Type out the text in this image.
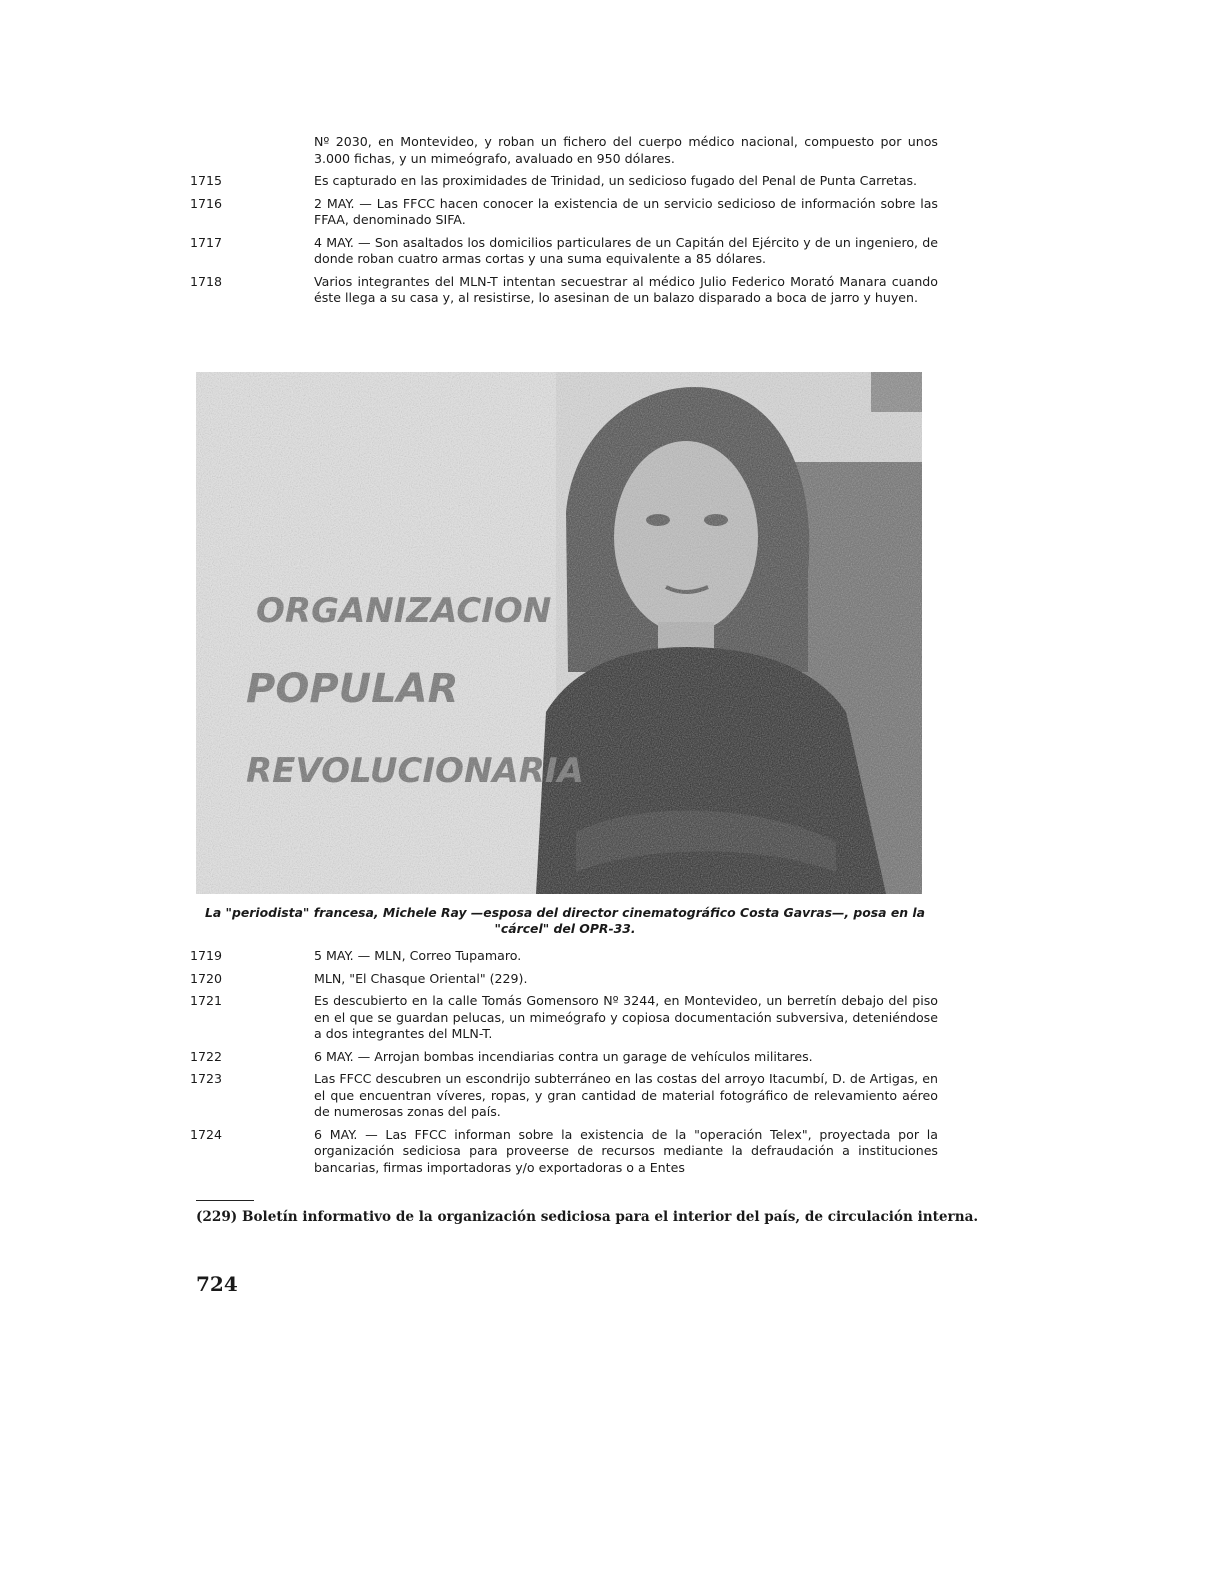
Nº 2030, en Montevideo, y roban un fichero del cuerpo médico nacional, compuesto por unos 3.000 fichas, y un mimeógrafo, avaluado en 950 dólares.
1715	Es capturado en las proximidades de Trinidad, un sedicioso fugado del Penal de Punta Carretas.
1716	2 MAY. — Las FFCC hacen conocer la existencia de un servicio sedicioso de información sobre las FFAA, denominado SIFA.
1717	4 MAY. — Son asaltados los domicilios particulares de un Capitán del Ejército y de un ingeniero, de donde roban cuatro armas cortas y una suma equivalente a 85 dólares.
1718	Varios integrantes del MLN-T intentan secuestrar al médico Julio Federico Morató Manara cuando éste llega a su casa y, al resistirse, lo asesinan de un balazo disparado a boca de jarro y huyen.
La "periodista" francesa, Michele Ray —esposa del director cinematográfico Costa Gavras—, posa en la "cárcel" del OPR-33.
1719	5 MAY. — MLN, Correo Tupamaro.
1720	MLN, "El Chasque Oriental" (229).
1721	Es descubierto en la calle Tomás Gomensoro Nº 3244, en Montevideo, un berretín debajo del piso en el que se guardan pelucas, un mimeógrafo y copiosa documentación subversiva, deteniéndose a dos integrantes del MLN-T.
1722	6 MAY. — Arrojan bombas incendiarias contra un garage de vehículos militares.
1723	Las FFCC descubren un escondrijo subterráneo en las costas del arroyo Itacumbí, D. de Artigas, en el que encuentran víveres, ropas, y gran cantidad de material fotográfico de relevamiento aéreo de numerosas zonas del país.
1724	6 MAY. — Las FFCC informan sobre la existencia de la "operación Telex", proyectada por la organización sediciosa para proveerse de recursos mediante la defraudación a instituciones bancarias, firmas importadoras y/o exportadoras o a Entes
(229) Boletín informativo de la organización sediciosa para el interior del país, de circulación interna.
724
